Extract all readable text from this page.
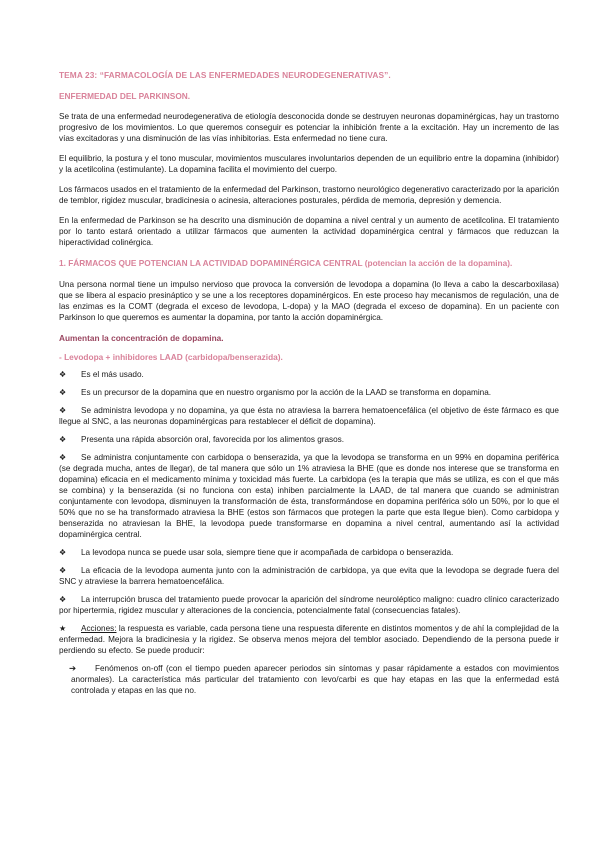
TEMA 23: “FARMACOLOGÍA DE LAS ENFERMEDADES NEURODEGENERATIVAS”.
ENFERMEDAD DEL PARKINSON.
Se trata de una enfermedad neurodegenerativa de etiología desconocida donde se destruyen neuronas dopaminérgicas, hay un trastorno progresivo de los movimientos. Lo que queremos conseguir es potenciar la inhibición frente a la excitación. Hay un incremento de las vías excitadoras y una disminución de las vías inhibitorias. Esta enfermedad no tiene cura.
El equilibrio, la postura y el tono muscular, movimientos musculares involuntarios dependen de un equilibrio entre la dopamina (inhibidor) y la acetilcolina (estimulante). La dopamina facilita el movimiento del cuerpo.
Los fármacos usados en el tratamiento de la enfermedad del Parkinson, trastorno neurológico degenerativo caracterizado por la aparición de temblor, rigidez muscular, bradicinesia o acinesia, alteraciones posturales, pérdida de memoria, depresión y demencia.
En la enfermedad de Parkinson se ha descrito una disminución de dopamina a nivel central y un aumento de acetilcolina. El tratamiento por lo tanto estará orientado a utilizar fármacos que aumenten la actividad dopaminérgica central y fármacos que reduzcan la hiperactividad colinérgica.
1. FÁRMACOS QUE POTENCIAN LA ACTIVIDAD DOPAMINÉRGICA CENTRAL (potencian la acción de la dopamina).
Una persona normal tiene un impulso nervioso que provoca la conversión de levodopa a dopamina (lo lleva a cabo la descarboxilasa) que se libera al espacio presináptico y se une a los receptores dopaminérgicos. En este proceso hay mecanismos de regulación, una de las enzimas es la COMT (degrada el exceso de levodopa, L-dopa) y la MAO (degrada el exceso de dopamina). En un paciente con Parkinson lo que queremos es aumentar la dopamina, por tanto la acción dopaminérgica.
Aumentan la concentración de dopamina.
- Levodopa + inhibidores LAAD (carbidopa/benserazida).
❖	Es el más usado.
❖	Es un precursor de la dopamina que en nuestro organismo por la acción de la LAAD se transforma en dopamina.
❖	Se administra levodopa y no dopamina, ya que ésta no atraviesa la barrera hematoencefálica (el objetivo de éste fármaco es que llegue al SNC, a las neuronas dopaminérgicas para restablecer el déficit de dopamina).
❖	Presenta una rápida absorción oral, favorecida por los alimentos grasos.
❖	Se administra conjuntamente con carbidopa o benserazida, ya que la levodopa se transforma en un 99% en dopamina periférica (se degrada mucha, antes de llegar), de tal manera que sólo un 1% atraviesa la BHE (que es donde nos interese que se transforma en dopamina) eficacia en el medicamento mínima y toxicidad más fuerte. La carbidopa (es la terapia que más se utiliza, es con el que más se combina) y la benserazida (si no funciona con esta) inhiben parcialmente la LAAD, de tal manera que cuando se administran conjuntamente con levodopa, disminuyen la transformación de ésta, transformándose en dopamina periférica sólo un 50%, por lo que el 50% que no se ha transformado atraviesa la BHE (estos son fármacos que protegen la parte que esta llegue bien). Como carbidopa y benserazida no atraviesan la BHE, la levodopa puede transformarse en dopamina a nivel central, aumentando así la actividad dopaminérgica central.
❖	La levodopa nunca se puede usar sola, siempre tiene que ir acompañada de carbidopa o benserazida.
❖	La eficacia de la levodopa aumenta junto con la administración de carbidopa, ya que evita que la levodopa se degrade fuera del SNC y atraviese la barrera hematoencefálica.
❖	La interrupción brusca del tratamiento puede provocar la aparición del síndrome neuroléptico maligno: cuadro clínico caracterizado por hipertermia, rigidez muscular y alteraciones de la conciencia, potencialmente fatal (consecuencias fatales).
★	Acciones: la respuesta es variable, cada persona tiene una respuesta diferente en distintos momentos y de ahí la complejidad de la enfermedad. Mejora la bradicinesia y la rigidez. Se observa menos mejora del temblor asociado. Dependiendo de la persona puede ir perdiendo su efecto. Se puede producir:
➔	Fenómenos on-off (con el tiempo pueden aparecer periodos sin síntomas y pasar rápidamente a estados con movimientos anormales). La característica más particular del tratamiento con levo/carbi es que hay etapas en las que la enfermedad está controlada y etapas en las que no.
